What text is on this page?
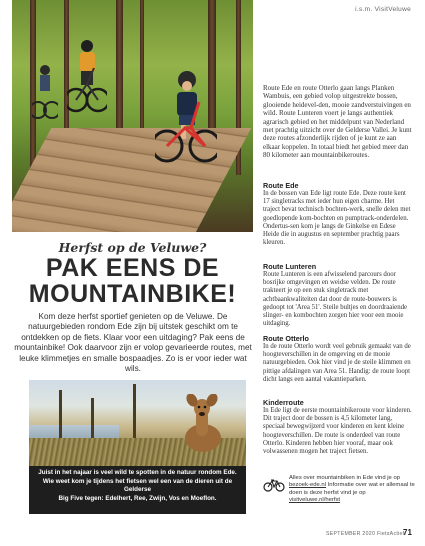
i.s.m. VisitVeluwe

Route Ede en route Otterlo gaan langs Planken Wambuis, een gebied volop uitgestrekte bossen, glooiende heidevel-den, mooie zandverstuivingen en wild. Route Lunteren voert je langs authentiek agrarisch gebied en het middelpunt van Nederland met prachtig uitzicht over de Gelderse Vallei. Je kunt deze routes afzonderlijk rijden of je kunt ze aan elkaar koppelen. In totaal biedt het gebied meer dan 80 kilometer aan mountainbikeroutes.

Herfst op de Veluwe?
PAK EENS DE
MOUNTAINBIKE!

Kom deze herfst sportief genieten op de Veluwe. De natuurgebieden rondom Ede zijn bij uitstek geschikt om te ontdekken op de fiets. Klaar voor een uitdaging? Pak eens de mountainbike! Ook daarvoor zijn er volop gevarieerde routes, met leuke klimmetjes en smalle bospaadjes. Zo is er voor ieder wat wils.

Juist in het najaar is veel wild te spotten in de natuur rondom Ede.
Wie weet kom je tijdens het fietsen wel een van de dieren uit de Gelderse
Big Five tegen: Edelhert, Ree, Zwijn, Vos en Moeflon.
Route Ede

In de bossen van Ede ligt route Ede. Deze route kent 17 singletracks met ieder hun eigen charme. Het traject bevat technisch bochten-werk, snelle delen met goedlopende kom-bochten en pumptrack-onderdelen. Ondertus-sen kom je langs de Ginkelse en Edese Heide die in augustus en september prachtig paars kleuren.

Route Lunteren

Route Lunteren is een afwisselend parcours door bosrijke omgevingen en weidse velden. De route trakteert je op een stuk singletrack met achtbaankwaliteiten dat door de route-bouwers is gedoopt tot 'Area 51'. Steile bultjes en doordraaiende slinger- en kombochten zorgen hier voor een mooie uitdaging.

Route Otterlo

In de route Otterlo wordt veel gebruik gemaakt van de hoogteverschillen in de omgeving en de mooie natuurgebieden. Ook hier vind je de steile klimmen en pittige afdalingen van Area 51. Handig: de route loopt dicht langs een aantal vakantieparken.

Kinderroute

In Ede ligt de eerste mountainbikeroute voor kinderen. Dit traject door de bossen is 4,5 kilometer lang, speciaal bewegwijzerd voor kinderen en kent kleine hoogteverschillen. De route is onderdeel van route Otterlo. Kinderen hebben hier vooraf, maar ook volwassenen mogen het traject fietsen.

Alles over mountainbiken in Ede vind je op bezoek-ede.nl Informatie over wat er allemaal te doen is deze herfst vind je op visitveluwe.nl/herfst

SEPTEMBER 2020 FietsActief
71
